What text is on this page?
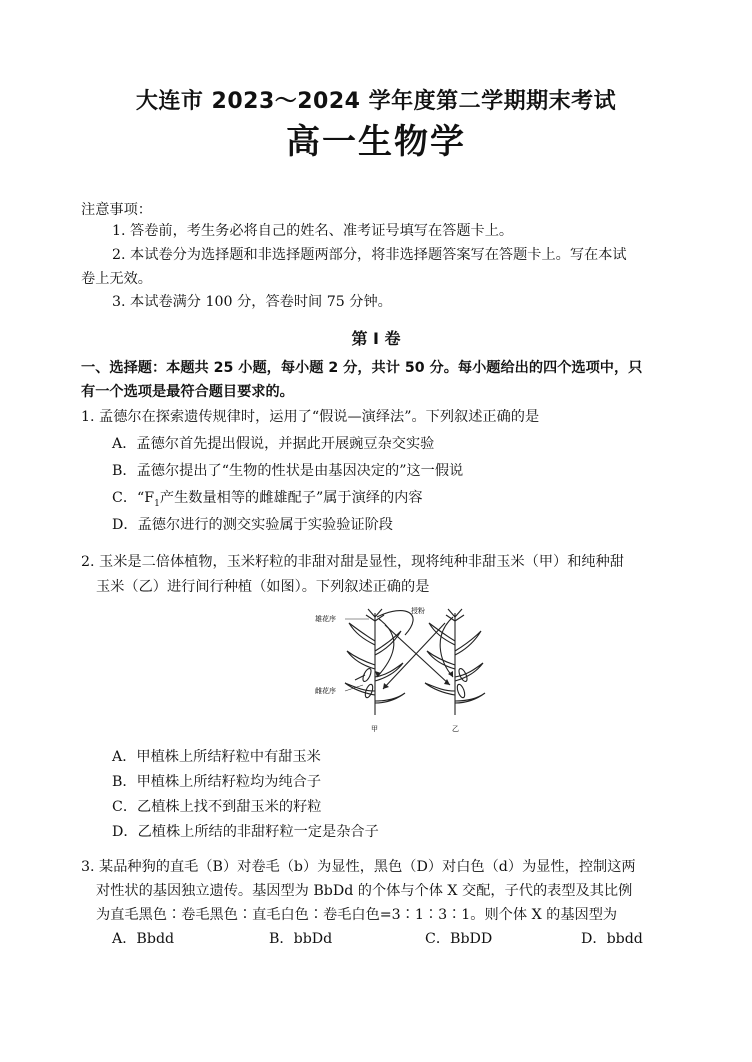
大连市 2023～2024 学年度第二学期期末考试
高一生物学
注意事项：
1. 答卷前，考生务必将自己的姓名、准考证号填写在答题卡上。
2. 本试卷分为选择题和非选择题两部分，将非选择题答案写在答题卡上。写在本试
卷上无效。
3. 本试卷满分 100 分，答卷时间 75 分钟。
第 I 卷
一、选择题：本题共 25 小题，每小题 2 分，共计 50 分。每小题给出的四个选项中，只
有一个选项是最符合题目要求的。
1. 孟德尔在探索遗传规律时，运用了“假说—演绎法”。下列叙述正确的是
A．孟德尔首先提出假说，并据此开展豌豆杂交实验
B．孟德尔提出了“生物的性状是由基因决定的”这一假说
C．“$F_1$产生数量相等的雌雄配子”属于演绎的内容
D．孟德尔进行的测交实验属于实验验证阶段
2. 玉米是二倍体植物，玉米籽粒的非甜对甜是显性，现将纯种非甜玉米（甲）和纯种甜
玉米（乙）进行间行种植（如图）。下列叙述正确的是
雄花序
授粉
雌花序
甲	乙
A．甲植株上所结籽粒中有甜玉米
B．甲植株上所结籽粒均为纯合子
C．乙植株上找不到甜玉米的籽粒
D．乙植株上所结的非甜籽粒一定是杂合子
3. 某品种狗的直毛（B）对卷毛（b）为显性，黑色（D）对白色（d）为显性，控制这两
对性状的基因独立遗传。基因型为 BbDd 的个体与个体 X 交配，子代的表型及其比例
为直毛黑色∶卷毛黑色∶直毛白色∶卷毛白色=3∶1∶3∶1。则个体 X 的基因型为
A．Bbdd	B．bbDd	C．BbDD	D．bbdd
